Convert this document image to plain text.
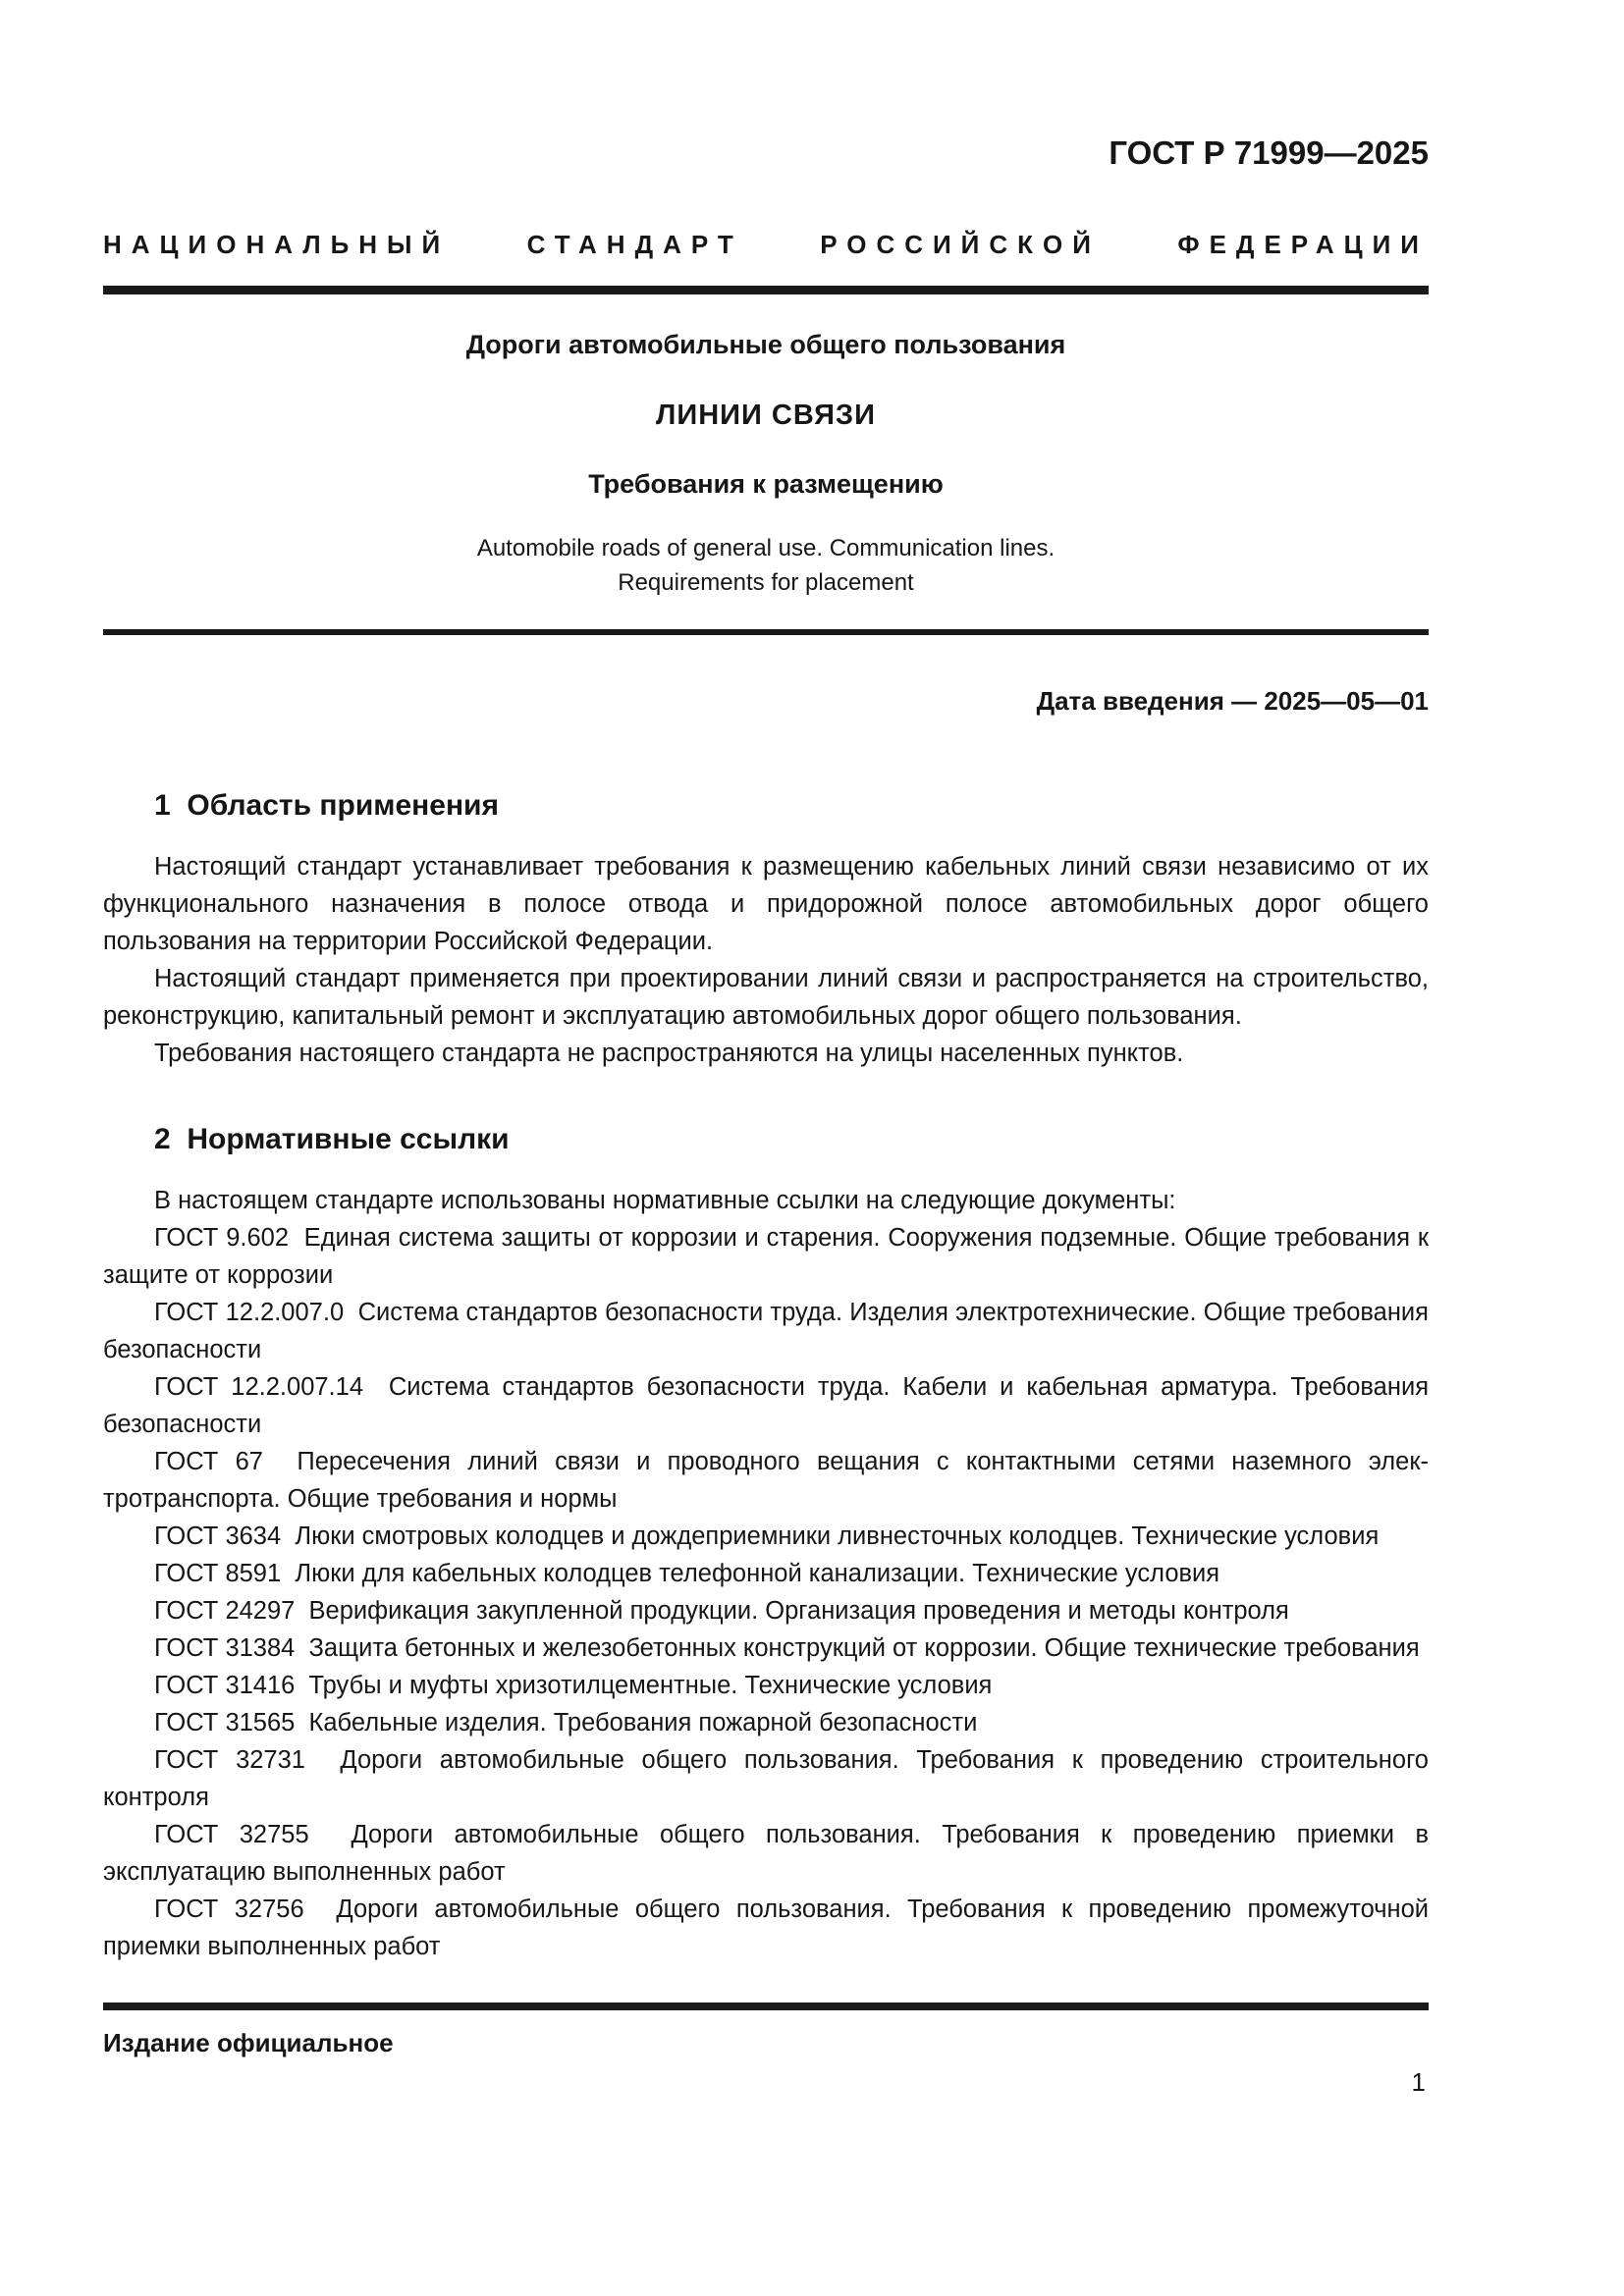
ГОСТ Р 71999—2025
НАЦИОНАЛЬНЫЙ СТАНДАРТ РОССИЙСКОЙ ФЕДЕРАЦИИ

Дороги автомобильные общего пользования

ЛИНИИ СВЯЗИ

Требования к размещению

Automobile roads of general use. Communication lines.
Requirements for placement

Дата введения — 2025—05—01
1  Область применения

Настоящий стандарт устанавливает требования к размещению кабельных линий связи независимо от их функционального назначения в полосе отвода и придорожной полосе автомобильных дорог общего пользования на территории Российской Федерации.

Настоящий стандарт применяется при проектировании линий связи и распространяется на строительство, реконструкцию, капитальный ремонт и эксплуатацию автомобильных дорог общего пользования.

Требования настоящего стандарта не распространяются на улицы населенных пунктов.

2  Нормативные ссылки

В настоящем стандарте использованы нормативные ссылки на следующие документы:

ГОСТ 9.602  Единая система защиты от коррозии и старения. Сооружения подземные. Общие требования к защите от коррозии

ГОСТ 12.2.007.0  Система стандартов безопасности труда. Изделия электротехнические. Общие требования безопасности

ГОСТ 12.2.007.14  Система стандартов безопасности труда. Кабели и кабельная арматура. Требования безопасности

ГОСТ 67  Пересечения линий связи и проводного вещания с контактными сетями наземного электротранспорта. Общие требования и нормы

ГОСТ 3634  Люки смотровых колодцев и дождеприемники ливнесточных колодцев. Технические условия

ГОСТ 8591  Люки для кабельных колодцев телефонной канализации. Технические условия

ГОСТ 24297  Верификация закупленной продукции. Организация проведения и методы контроля

ГОСТ 31384  Защита бетонных и железобетонных конструкций от коррозии. Общие технические требования

ГОСТ 31416  Трубы и муфты хризотилцементные. Технические условия

ГОСТ 31565  Кабельные изделия. Требования пожарной безопасности

ГОСТ 32731  Дороги автомобильные общего пользования. Требования к проведению строительного контроля

ГОСТ 32755  Дороги автомобильные общего пользования. Требования к проведению приемки в эксплуатацию выполненных работ

ГОСТ 32756  Дороги автомобильные общего пользования. Требования к проведению промежуточной приемки выполненных работ

Издание официальное
1
